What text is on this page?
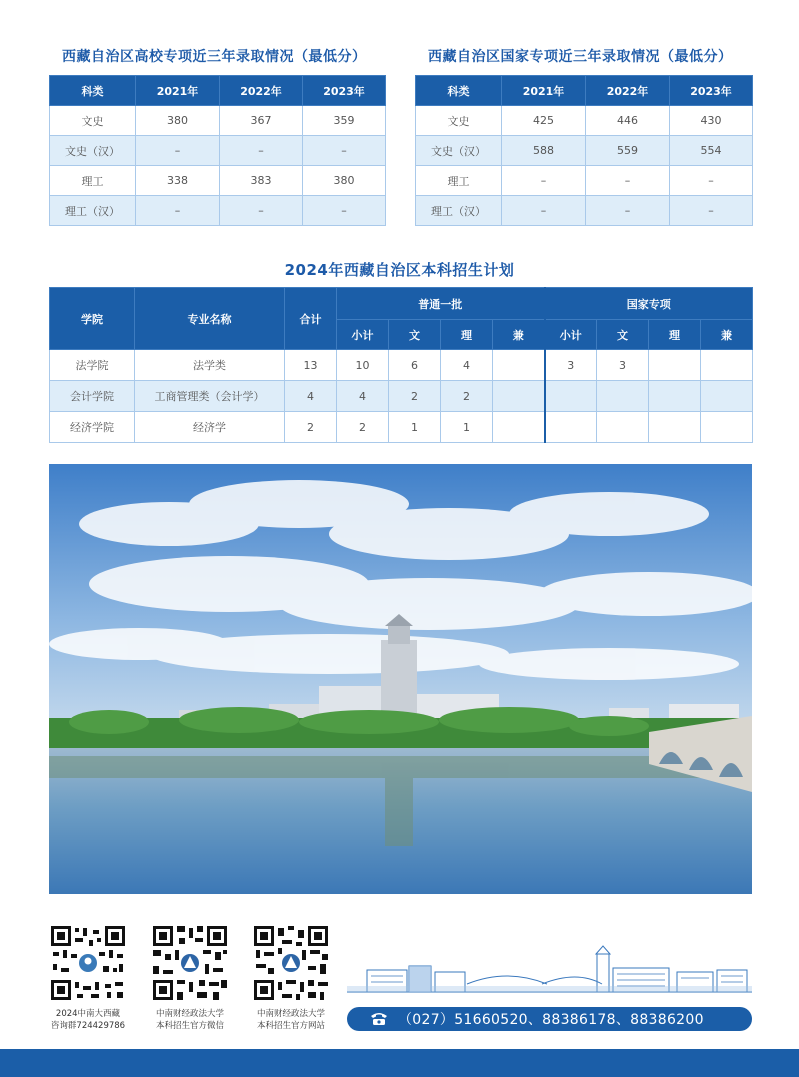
西藏自治区高校专项近三年录取情况（最低分）
科类	2021年	2022年	2023年
文史	380	367	359
文史（汉）	–	–	–
理工	338	383	380
理工（汉）	–	–	–
西藏自治区国家专项近三年录取情况（最低分）
科类	2021年	2022年	2023年
文史	425	446	430
文史（汉）	588	559	554
理工	–	–	–
理工（汉）	–	–	–
2024年西藏自治区本科招生计划
学院	专业名称	合计	普通一批				国家专项			
			小计	文	理	兼	小计	文	理	兼
法学院	法学类	13	10	6	4		3	3		
会计学院	工商管理类（会计学）	4	4	2	2					
经济学院	经济学	2	2	1	1					
2024中南大西藏
咨询群724429786
中南财经政法大学
本科招生官方微信
中南财经政法大学
本科招生官方网站	（027）51660520、88386178、88386200
